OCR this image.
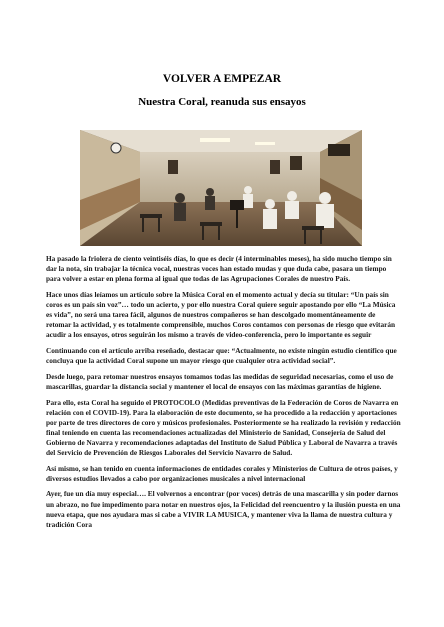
VOLVER A EMPEZAR
Nuestra Coral, reanuda sus ensayos

Ha pasado la friolera de ciento veintiséis días, lo que es decir (4 interminables meses), ha sido mucho tiempo sin dar la nota, sin trabajar la técnica vocal, nuestras voces han estado mudas y que duda cabe, pasara un tiempo para volver a estar en plena forma al igual que todas de las Agrupaciones Corales de nuestro País.

Hace unos días leíamos un artículo sobre la Música Coral en el momento actual y decía su titular: “Un país sin coros es un país sin voz”… todo un acierto, y por ello nuestra Coral quiere seguir apostando por ello “La Música es vida”, no será una tarea fácil, algunos de nuestros compañeros se han descolgado momentáneamente de retomar la actividad, y es totalmente comprensible, muchos Coros contamos con personas de riesgo que evitarán acudir a los ensayos, otros seguirán los mismo a través de video-conferencia, pero lo importante es seguir

Continuando con el artículo arriba reseñado, destacar que: “Actualmente, no existe ningún estudio científico que concluya que la actividad Coral supone un mayor riesgo que cualquier otra actividad social”.

Desde luego, para retomar nuestros ensayos tomamos todas las medidas de seguridad necesarias, como el uso de mascarillas, guardar la distancia social y mantener el local de ensayos con las máximas garantías de higiene.

Para ello, esta Coral ha seguido el PROTOCOLO (Medidas preventivas de la Federación de Coros de Navarra en relación con el COVID-19). Para la elaboración de este documento, se ha procedido a la redacción y aportaciones por parte de tres directores de coro y músicos profesionales. Posteriormente se ha realizado la revisión y redacción final teniendo en cuenta las recomendaciones actualizadas del Ministerio de Sanidad, Consejería de Salud del Gobierno de Navarra y recomendaciones adaptadas del Instituto de Salud Pública y Laboral de Navarra a través del Servicio de Prevención de Riesgos Laborales del Servicio Navarro de Salud.

Así mismo, se han tenido en cuenta informaciones de entidades corales y Ministerios de Cultura de otros países, y diversos estudios llevados a cabo por organizaciones musicales a nivel internacional

Ayer, fue un día muy especial…. El volvernos a encontrar (por voces) detrás de una mascarilla y sin poder darnos un abrazo, no fue impedimento para notar en nuestros ojos, la Felicidad del reencuentro y la ilusión puesta en una nueva etapa, que nos ayudara mas si cabe a VIVIR LA MUSICA, y mantener viva la llama de nuestra cultura y tradición Cora
